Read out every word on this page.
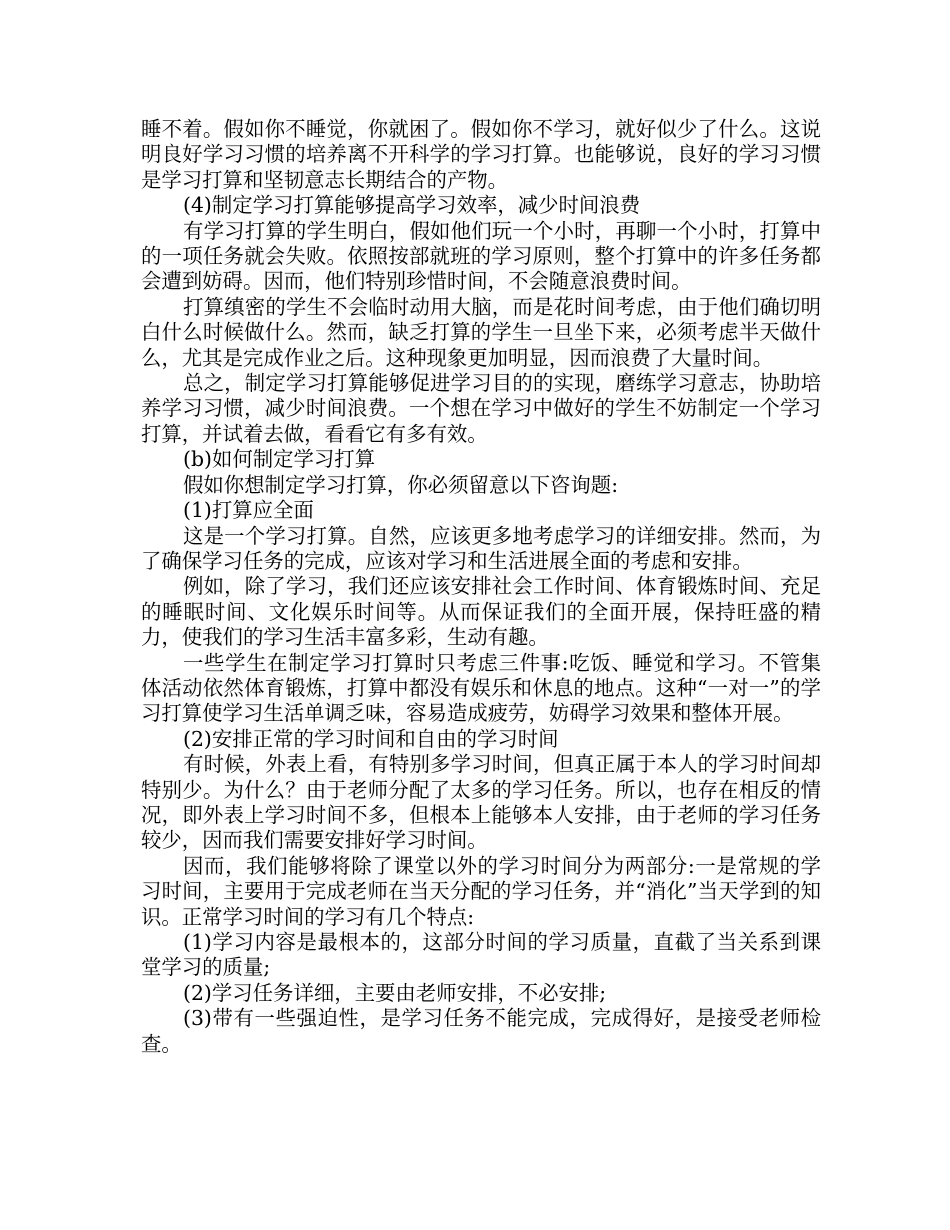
睡不着。假如你不睡觉，你就困了。假如你不学习，就好似少了什么。这说明良好学习习惯的培养离不开科学的学习打算。也能够说，良好的学习习惯是学习打算和坚韧意志长期结合的产物。

(4)制定学习打算能够提高学习效率，减少时间浪费

有学习打算的学生明白，假如他们玩一个小时，再聊一个小时，打算中的一项任务就会失败。依照按部就班的学习原则，整个打算中的许多任务都会遭到妨碍。因而，他们特别珍惜时间，不会随意浪费时间。

打算缜密的学生不会临时动用大脑，而是花时间考虑，由于他们确切明白什么时候做什么。然而，缺乏打算的学生一旦坐下来，必须考虑半天做什么，尤其是完成作业之后。这种现象更加明显，因而浪费了大量时间。

总之，制定学习打算能够促进学习目的的实现，磨练学习意志，协助培养学习习惯，减少时间浪费。一个想在学习中做好的学生不妨制定一个学习打算，并试着去做，看看它有多有效。

(b)如何制定学习打算

假如你想制定学习打算，你必须留意以下咨询题:

(1)打算应全面

这是一个学习打算。自然，应该更多地考虑学习的详细安排。然而，为了确保学习任务的完成，应该对学习和生活进展全面的考虑和安排。

例如，除了学习，我们还应该安排社会工作时间、体育锻炼时间、充足的睡眠时间、文化娱乐时间等。从而保证我们的全面开展，保持旺盛的精力，使我们的学习生活丰富多彩，生动有趣。

一些学生在制定学习打算时只考虑三件事:吃饭、睡觉和学习。不管集体活动依然体育锻炼，打算中都没有娱乐和休息的地点。这种“一对一”的学习打算使学习生活单调乏味，容易造成疲劳，妨碍学习效果和整体开展。

(2)安排正常的学习时间和自由的学习时间

有时候，外表上看，有特别多学习时间，但真正属于本人的学习时间却特别少。为什么？由于老师分配了太多的学习任务。所以，也存在相反的情况，即外表上学习时间不多，但根本上能够本人安排，由于老师的学习任务较少，因而我们需要安排好学习时间。

因而，我们能够将除了课堂以外的学习时间分为两部分:一是常规的学习时间，主要用于完成老师在当天分配的学习任务，并“消化”当天学到的知识。正常学习时间的学习有几个特点:

(1)学习内容是最根本的，这部分时间的学习质量，直截了当关系到课堂学习的质量;

(2)学习任务详细，主要由老师安排，不必安排;

(3)带有一些强迫性，是学习任务不能完成，完成得好，是接受老师检查。
